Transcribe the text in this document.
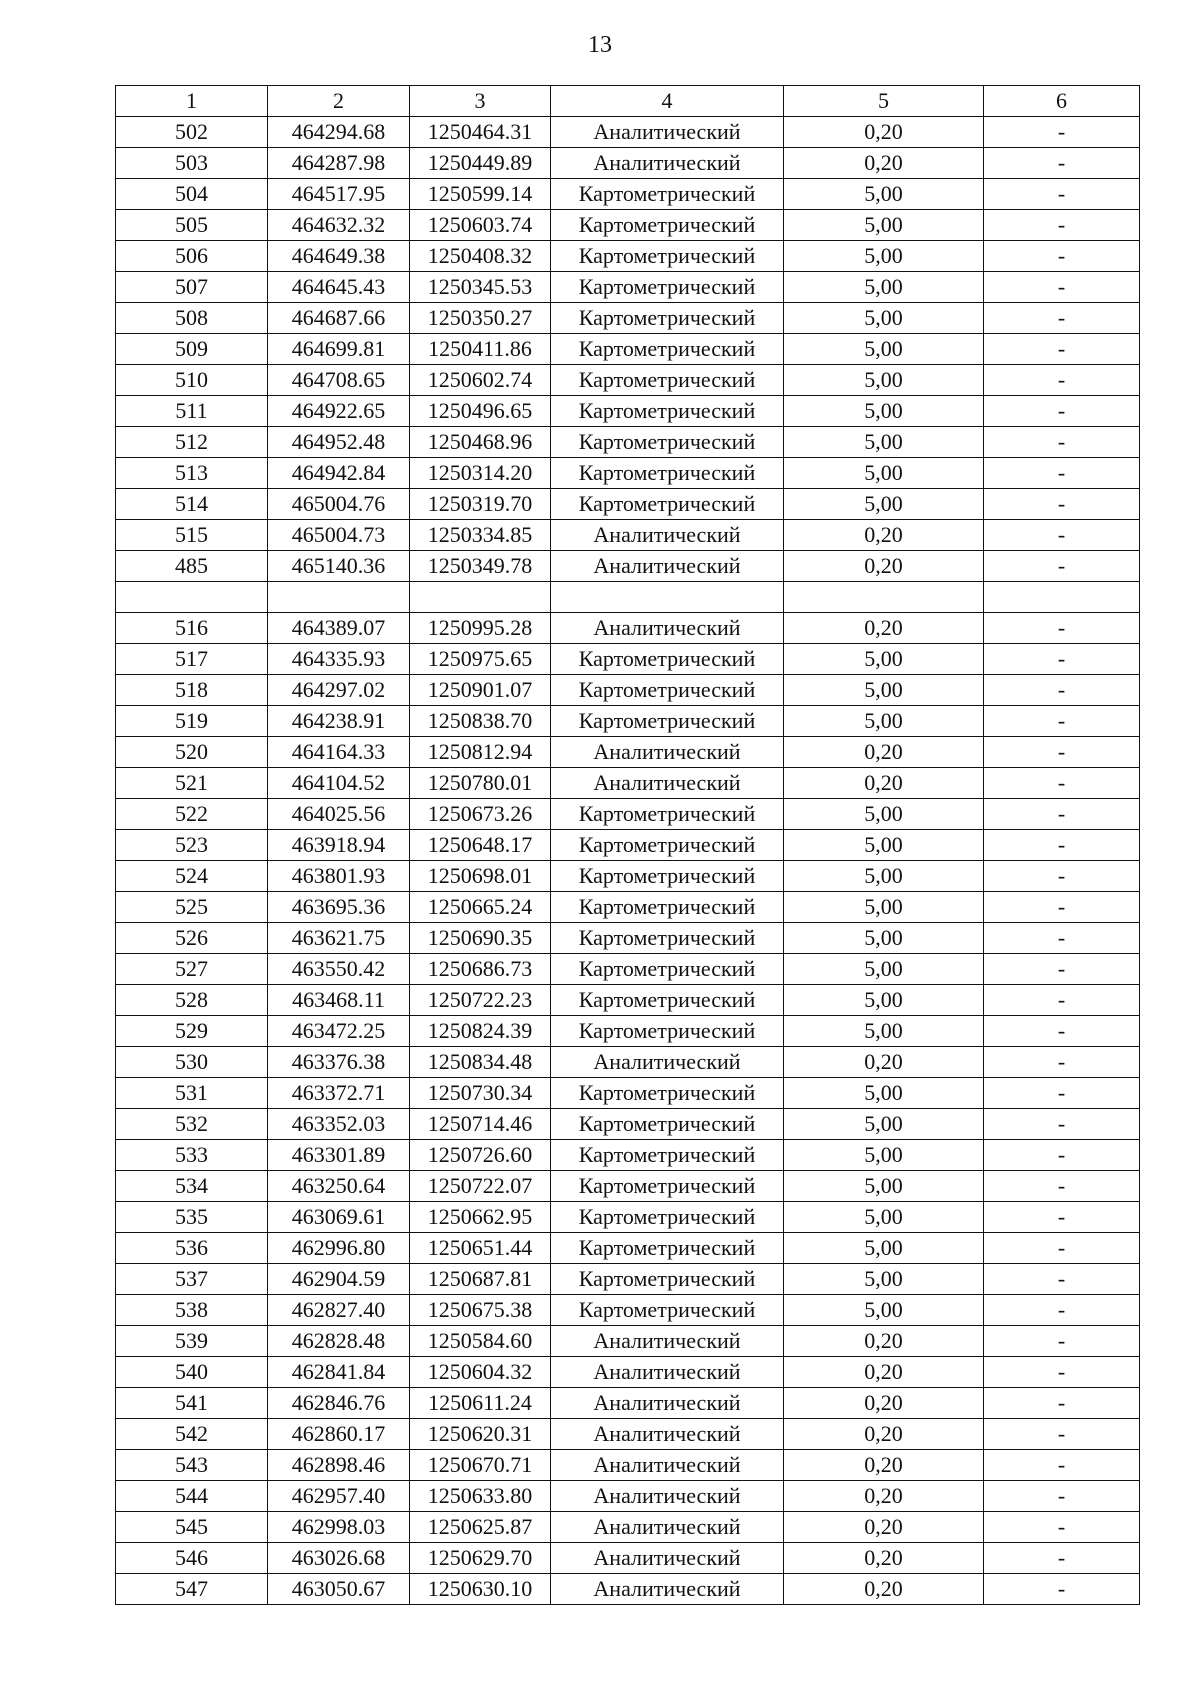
13
1	2	3	4	5	6
502	464294.68	1250464.31	Аналитический	0,20	-
503	464287.98	1250449.89	Аналитический	0,20	-
504	464517.95	1250599.14	Картометрический	5,00	-
505	464632.32	1250603.74	Картометрический	5,00	-
506	464649.38	1250408.32	Картометрический	5,00	-
507	464645.43	1250345.53	Картометрический	5,00	-
508	464687.66	1250350.27	Картометрический	5,00	-
509	464699.81	1250411.86	Картометрический	5,00	-
510	464708.65	1250602.74	Картометрический	5,00	-
511	464922.65	1250496.65	Картометрический	5,00	-
512	464952.48	1250468.96	Картометрический	5,00	-
513	464942.84	1250314.20	Картометрический	5,00	-
514	465004.76	1250319.70	Картометрический	5,00	-
515	465004.73	1250334.85	Аналитический	0,20	-
485	465140.36	1250349.78	Аналитический	0,20	-

516	464389.07	1250995.28	Аналитический	0,20	-
517	464335.93	1250975.65	Картометрический	5,00	-
518	464297.02	1250901.07	Картометрический	5,00	-
519	464238.91	1250838.70	Картометрический	5,00	-
520	464164.33	1250812.94	Аналитический	0,20	-
521	464104.52	1250780.01	Аналитический	0,20	-
522	464025.56	1250673.26	Картометрический	5,00	-
523	463918.94	1250648.17	Картометрический	5,00	-
524	463801.93	1250698.01	Картометрический	5,00	-
525	463695.36	1250665.24	Картометрический	5,00	-
526	463621.75	1250690.35	Картометрический	5,00	-
527	463550.42	1250686.73	Картометрический	5,00	-
528	463468.11	1250722.23	Картометрический	5,00	-
529	463472.25	1250824.39	Картометрический	5,00	-
530	463376.38	1250834.48	Аналитический	0,20	-
531	463372.71	1250730.34	Картометрический	5,00	-
532	463352.03	1250714.46	Картометрический	5,00	-
533	463301.89	1250726.60	Картометрический	5,00	-
534	463250.64	1250722.07	Картометрический	5,00	-
535	463069.61	1250662.95	Картометрический	5,00	-
536	462996.80	1250651.44	Картометрический	5,00	-
537	462904.59	1250687.81	Картометрический	5,00	-
538	462827.40	1250675.38	Картометрический	5,00	-
539	462828.48	1250584.60	Аналитический	0,20	-
540	462841.84	1250604.32	Аналитический	0,20	-
541	462846.76	1250611.24	Аналитический	0,20	-
542	462860.17	1250620.31	Аналитический	0,20	-
543	462898.46	1250670.71	Аналитический	0,20	-
544	462957.40	1250633.80	Аналитический	0,20	-
545	462998.03	1250625.87	Аналитический	0,20	-
546	463026.68	1250629.70	Аналитический	0,20	-
547	463050.67	1250630.10	Аналитический	0,20	-
